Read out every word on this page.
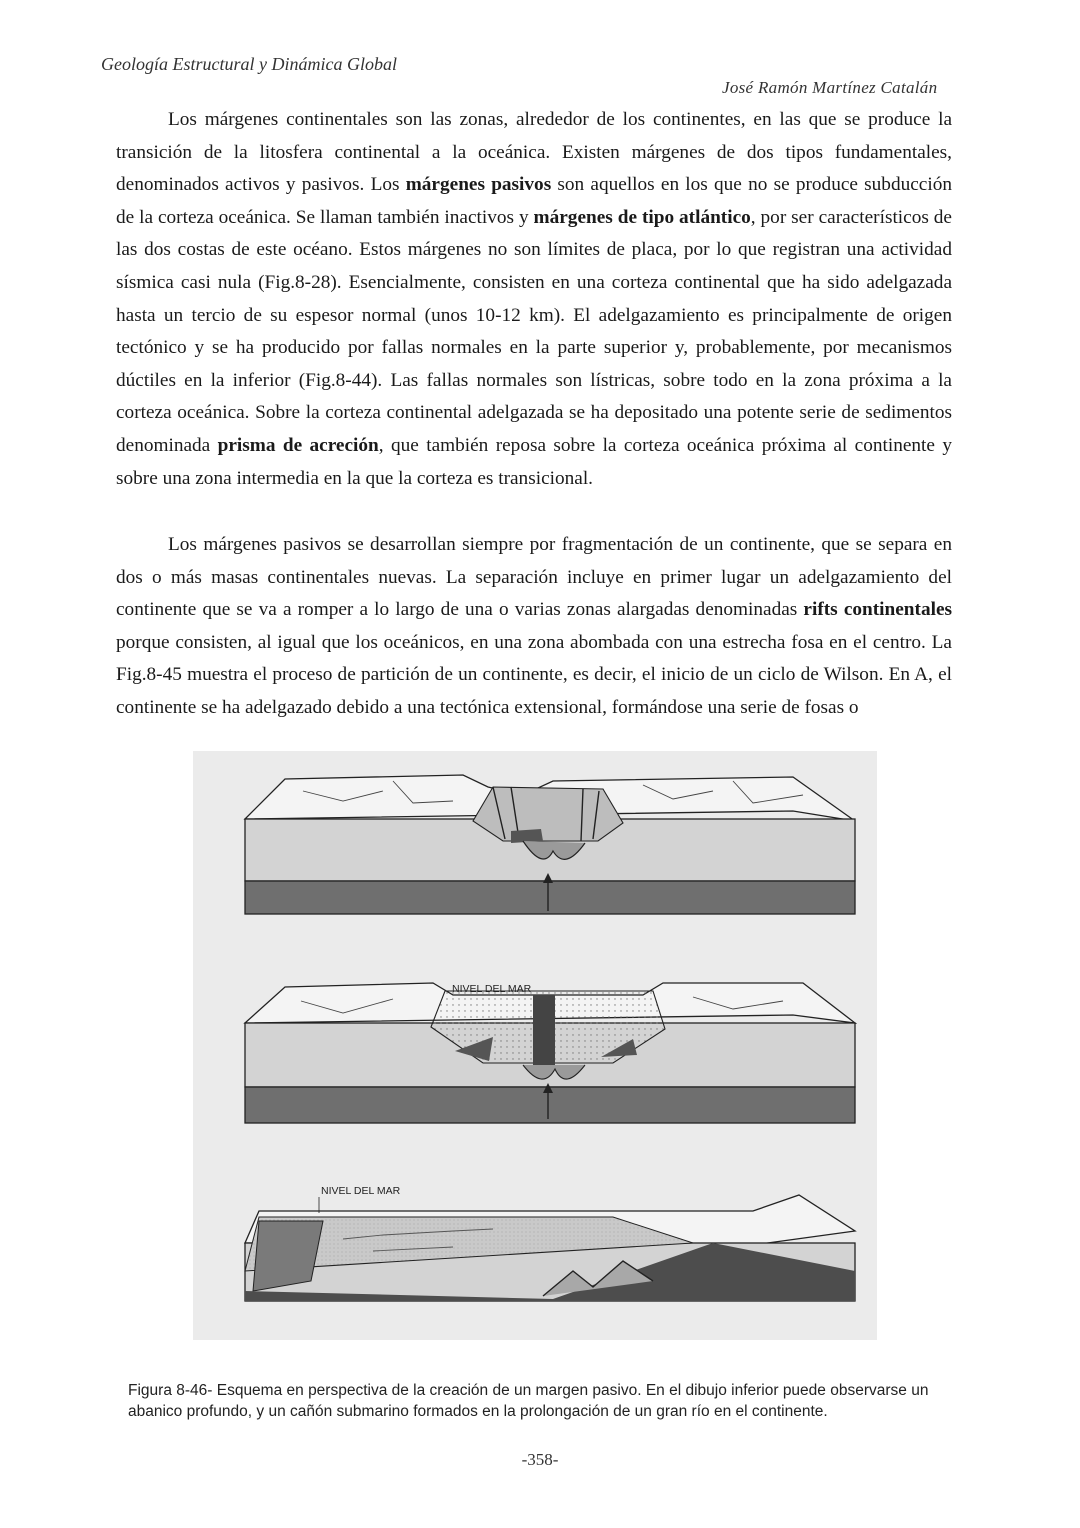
Geología Estructural y Dinámica Global
José Ramón Martínez Catalán

Los márgenes continentales son las zonas, alrededor de los continentes, en las que se produce la transición de la litosfera continental a la oceánica. Existen márgenes de dos tipos fundamentales, denominados activos y pasivos. Los márgenes pasivos son aquellos en los que no se produce subducción de la corteza oceánica. Se llaman también inactivos y márgenes de tipo atlántico, por ser característicos de las dos costas de este océano. Estos márgenes no son límites de placa, por lo que registran una actividad sísmica casi nula (Fig.8-28). Esencialmente, consisten en una corteza continental que ha sido adelgazada hasta un tercio de su espesor normal (unos 10-12 km). El adelgazamiento es principalmente de origen tectónico y se ha producido por fallas normales en la parte superior y, probablemente, por mecanismos dúctiles en la inferior (Fig.8-44). Las fallas normales son lístricas, sobre todo en la zona próxima a la corteza oceánica. Sobre la corteza continental adelgazada se ha depositado una potente serie de sedimentos denominada prisma de acreción, que también reposa sobre la corteza oceánica próxima al continente y sobre una zona intermedia en la que la corteza es transicional.

Los márgenes pasivos se desarrollan siempre por fragmentación de un continente, que se separa en dos o más masas continentales nuevas. La separación incluye en primer lugar un adelgazamiento del continente que se va a romper a lo largo de una o varias zonas alargadas denominadas rifts continentales porque consisten, al igual que los oceánicos, en una zona abombada con una estrecha fosa en el centro. La Fig.8-45 muestra el proceso de partición de un continente, es decir, el inicio de un ciclo de Wilson. En A, el continente se ha adelgazado debido a una tectónica extensional, formándose una serie de fosas o

NIVEL DEL MAR
NIVEL DEL MAR

Figura 8-46- Esquema en perspectiva de la creación de un margen pasivo. En el dibujo inferior puede observarse un abanico profundo, y un cañón submarino formados en la prolongación de un gran río en el continente.

-358-
